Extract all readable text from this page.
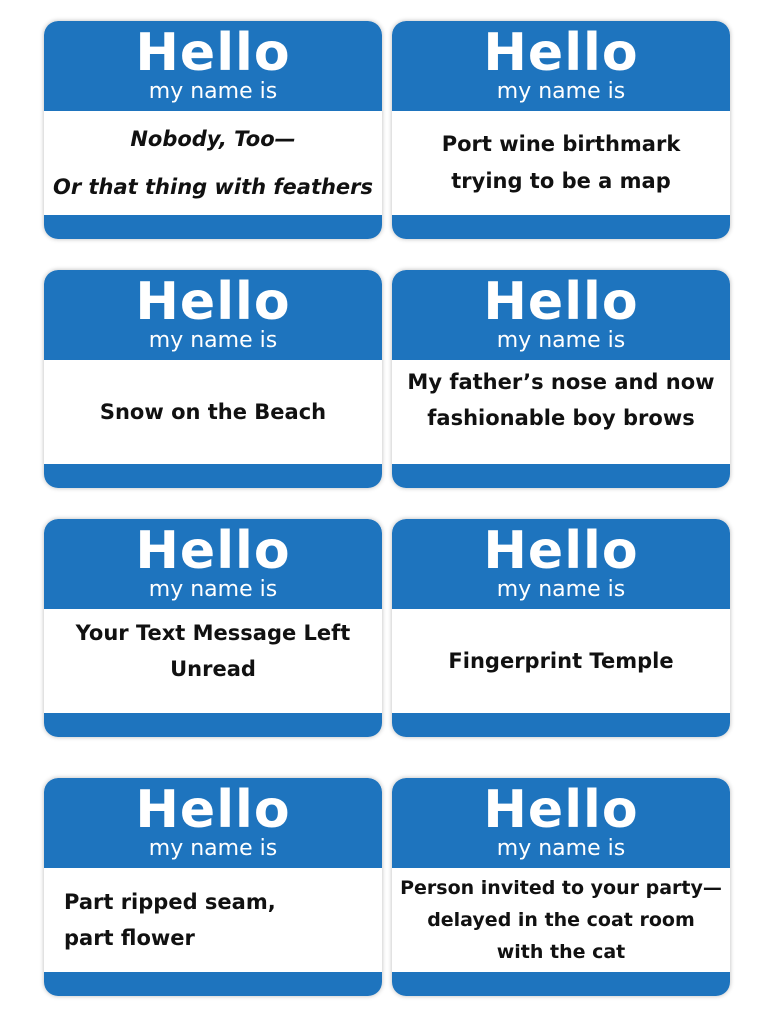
Hello
my name is
Nobody, Too—
Or that thing with feathers
Hello
my name is
Port wine birthmark
trying to be a map
Hello
my name is
Snow on the Beach
Hello
my name is
My father’s nose and now
fashionable boy brows
Hello
my name is
Your Text Message Left
Unread
Hello
my name is
Fingerprint Temple
Hello
my name is
Part ripped seam,
part flower
Hello
my name is
Person invited to your party—
delayed in the coat room
with the cat
